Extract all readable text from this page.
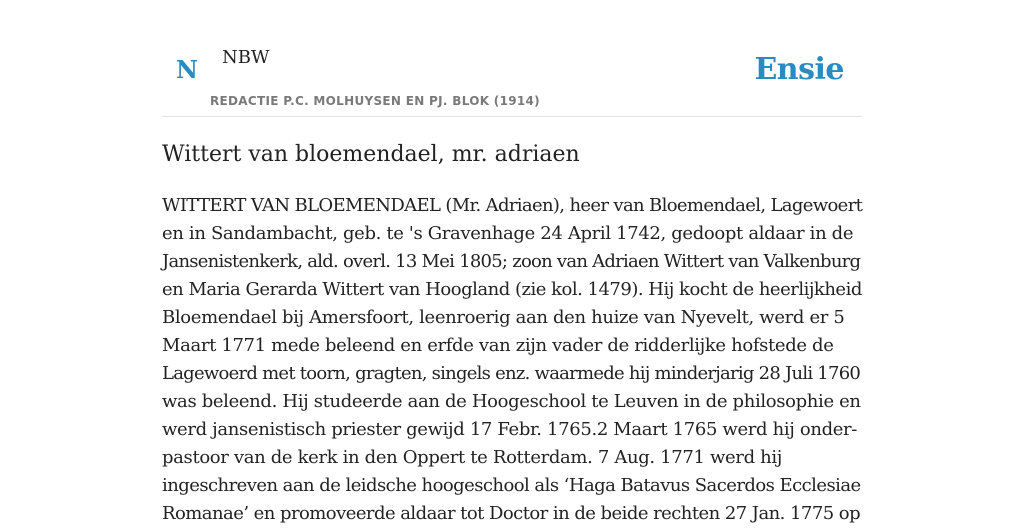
N NBW
REDACTIE P.C. MOLHUYSEN EN PJ. BLOK (1914)
Ensie
Wittert van bloemendael, mr. adriaen
WITTERT VAN BLOEMENDAEL (Mr. Adriaen), heer van Bloemendael, Lagewoert
en in Sandambacht, geb. te 's Gravenhage 24 April 1742, gedoopt aldaar in de
Jansenistenkerk, ald. overl. 13 Mei 1805; zoon van Adriaen Wittert van Valkenburg
en Maria Gerarda Wittert van Hoogland (zie kol. 1479). Hij kocht de heerlijkheid
Bloemendael bij Amersfoort, leenroerig aan den huize van Nyevelt, werd er 5
Maart 1771 mede beleend en erfde van zijn vader de ridderlijke hofstede de
Lagewoerd met toorn, gragten, singels enz. waarmede hij minderjarig 28 Juli 1760
was beleend. Hij studeerde aan de Hoogeschool te Leuven in de philosophie en
werd jansenistisch priester gewijd 17 Febr. 1765.2 Maart 1765 werd hij onder-
pastoor van de kerk in den Oppert te Rotterdam. 7 Aug. 1771 werd hij
ingeschreven aan de leidsche hoogeschool als ‘Haga Batavus Sacerdos Ecclesiae
Romanae’ en promoveerde aldaar tot Doctor in de beide rechten 27 Jan. 1775 op
